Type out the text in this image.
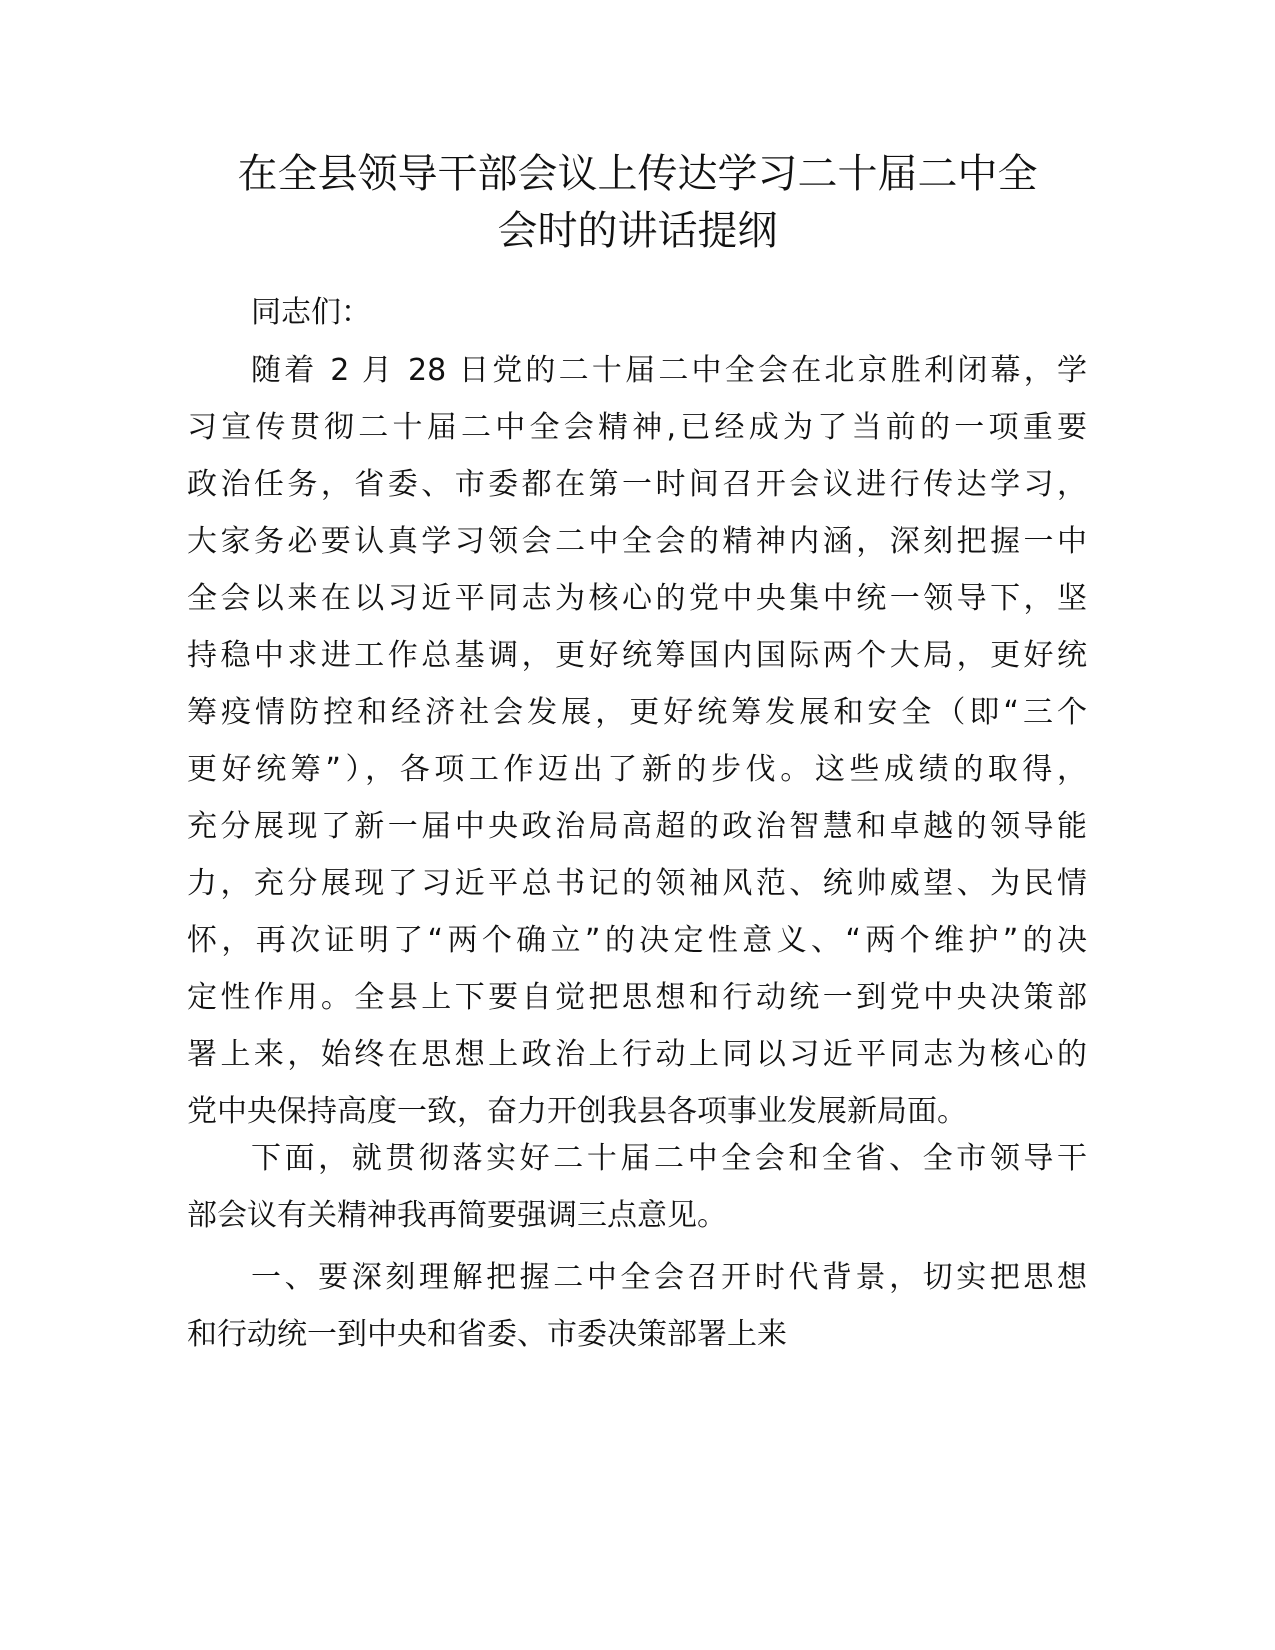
在全县领导干部会议上传达学习二十届二中全
会时的讲话提纲

同志们：

随着 2 月 28 日党的二十届二中全会在北京胜利闭幕，学
习宣传贯彻二十届二中全会精神,已经成为了当前的一项重要
政治任务，省委、市委都在第一时间召开会议进行传达学习，
大家务必要认真学习领会二中全会的精神内涵，深刻把握一中
全会以来在以习近平同志为核心的党中央集中统一领导下，坚
持稳中求进工作总基调，更好统筹国内国际两个大局，更好统
筹疫情防控和经济社会发展，更好统筹发展和安全（即“三个
更好统筹”），各项工作迈出了新的步伐。这些成绩的取得，
充分展现了新一届中央政治局高超的政治智慧和卓越的领导能
力，充分展现了习近平总书记的领袖风范、统帅威望、为民情
怀，再次证明了“两个确立”的决定性意义、“两个维护”的决
定性作用。全县上下要自觉把思想和行动统一到党中央决策部
署上来，始终在思想上政治上行动上同以习近平同志为核心的
党中央保持高度一致，奋力开创我县各项事业发展新局面。

下面，就贯彻落实好二十届二中全会和全省、全市领导干
部会议有关精神我再简要强调三点意见。

一、要深刻理解把握二中全会召开时代背景，切实把思想
和行动统一到中央和省委、市委决策部署上来
